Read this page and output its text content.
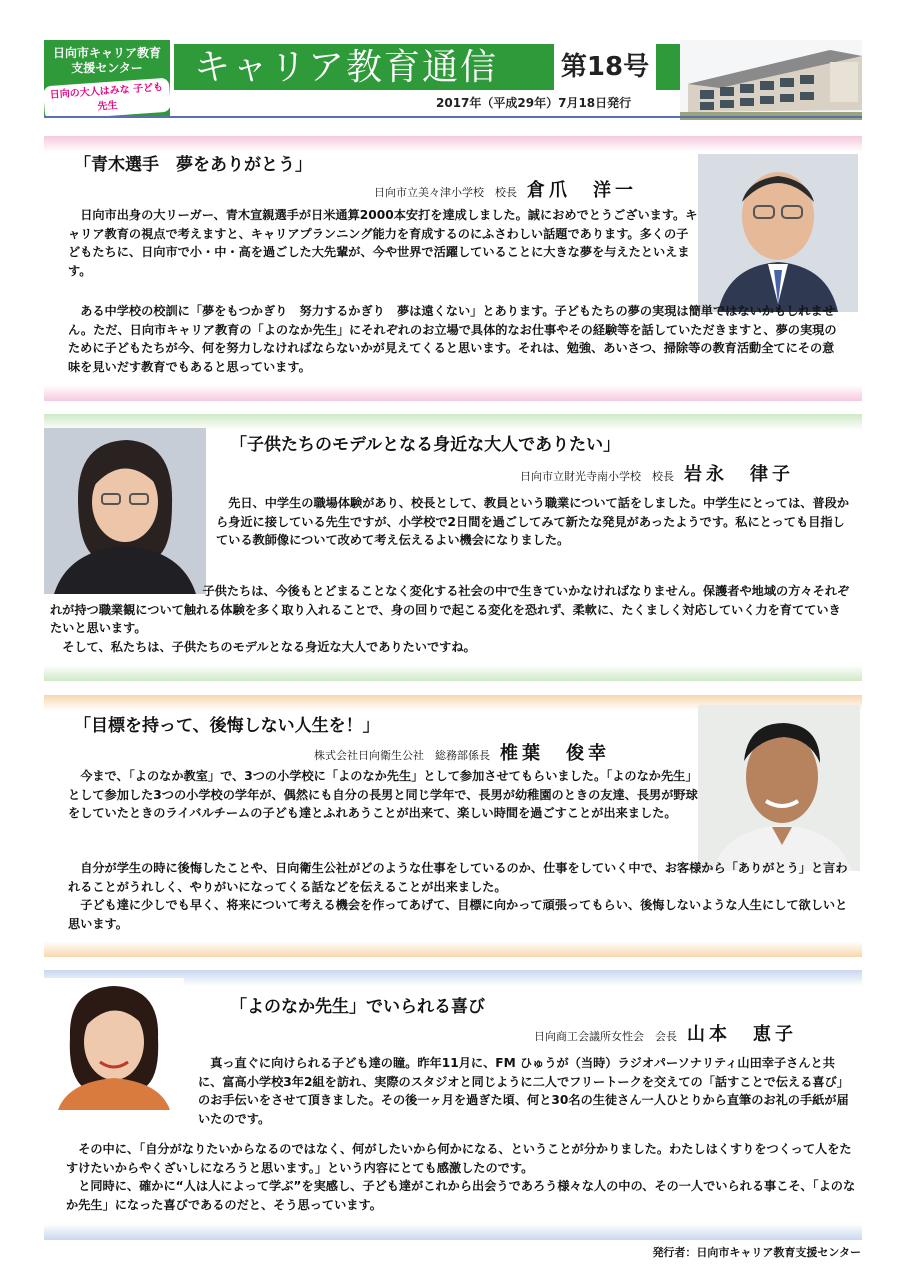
日向市キャリア教育
支援センター
日向の大人はみな 子ども先生
キャリア教育通信 第18号
2017年（平成29年）7月18日発行
「青木選手　夢をありがとう」
日向市立美々津小学校　校長 倉爪　洋一

日向市出身の大リーガー、青木宣親選手が日米通算2000本安打を達成しました。誠におめでとうございます。キャリア教育の視点で考えますと、キャリアプランニング能力を育成するのにふさわしい話題であります。多くの子どもたちに、日向市で小・中・高を過ごした大先輩が、今や世界で活躍していることに大きな夢を与えたといえます。

ある中学校の校訓に「夢をもつかぎり　努力するかぎり　夢は遠くない」とあります。子どもたちの夢の実現は簡単ではないかもしれません。ただ、日向市キャリア教育の「よのなか先生」にそれぞれのお立場で具体的なお仕事やその経験等を話していただきますと、夢の実現のために子どもたちが今、何を努力しなければならないかが見えてくると思います。それは、勉強、あいさつ、掃除等の教育活動全てにその意味を見いだす教育でもあると思っています。

「子供たちのモデルとなる身近な大人でありたい」
日向市立財光寺南小学校　校長 岩永　律子

先日、中学生の職場体験があり、校長として、教員という職業について話をしました。中学生にとっては、普段から身近に接している先生ですが、小学校で2日間を過ごしてみて新たな発見があったようです。私にとっても目指している教師像について改めて考え伝えるよい機会になりました。

子供たちは、今後もとどまることなく変化する社会の中で生きていかなければなりません。保護者や地域の方々それぞれが持つ職業観について触れる体験を多く取り入れることで、身の回りで起こる変化を恐れず、柔軟に、たくましく対応していく力を育てていきたいと思います。

そして、私たちは、子供たちのモデルとなる身近な大人でありたいですね。

「目標を持って、後悔しない人生を！」
株式会社日向衛生公社　総務部係長 椎葉　俊幸

今まで、「よのなか教室」で、3つの小学校に「よのなか先生」として参加させてもらいました。「よのなか先生」として参加した3つの小学校の学年が、偶然にも自分の長男と同じ学年で、長男が幼稚園のときの友達、長男が野球をしていたときのライバルチームの子ども達とふれあうことが出来て、楽しい時間を過ごすことが出来ました。

自分が学生の時に後悔したことや、日向衛生公社がどのような仕事をしているのか、仕事をしていく中で、お客様から「ありがとう」と言われることがうれしく、やりがいになってくる話などを伝えることが出来ました。

子ども達に少しでも早く、将来について考える機会を作ってあげて、目標に向かって頑張ってもらい、後悔しないような人生にして欲しいと思います。

「よのなか先生」でいられる喜び
日向商工会議所女性会　会長 山本　恵子

真っ直ぐに向けられる子ども達の瞳。昨年11月に、FM ひゅうが（当時）ラジオパーソナリティ山田幸子さんと共に、富高小学校3年2組を訪れ、実際のスタジオと同じように二人でフリートークを交えての「話すことで伝える喜び」のお手伝いをさせて頂きました。その後一ヶ月を過ぎた頃、何と30名の生徒さん一人ひとりから直筆のお礼の手紙が届いたのです。

その中に、「自分がなりたいからなるのではなく、何がしたいから何かになる、ということが分かりました。わたしはくすりをつくって人をたすけたいからやくざいしになろうと思います。」という内容にとても感激したのです。

と同時に、確かに“人は人によって学ぶ”を実感し、子ども達がこれから出会うであろう様々な人の中の、その一人でいられる事こそ、「よのなか先生」になった喜びであるのだと、そう思っています。

発行者：日向市キャリア教育支援センター
